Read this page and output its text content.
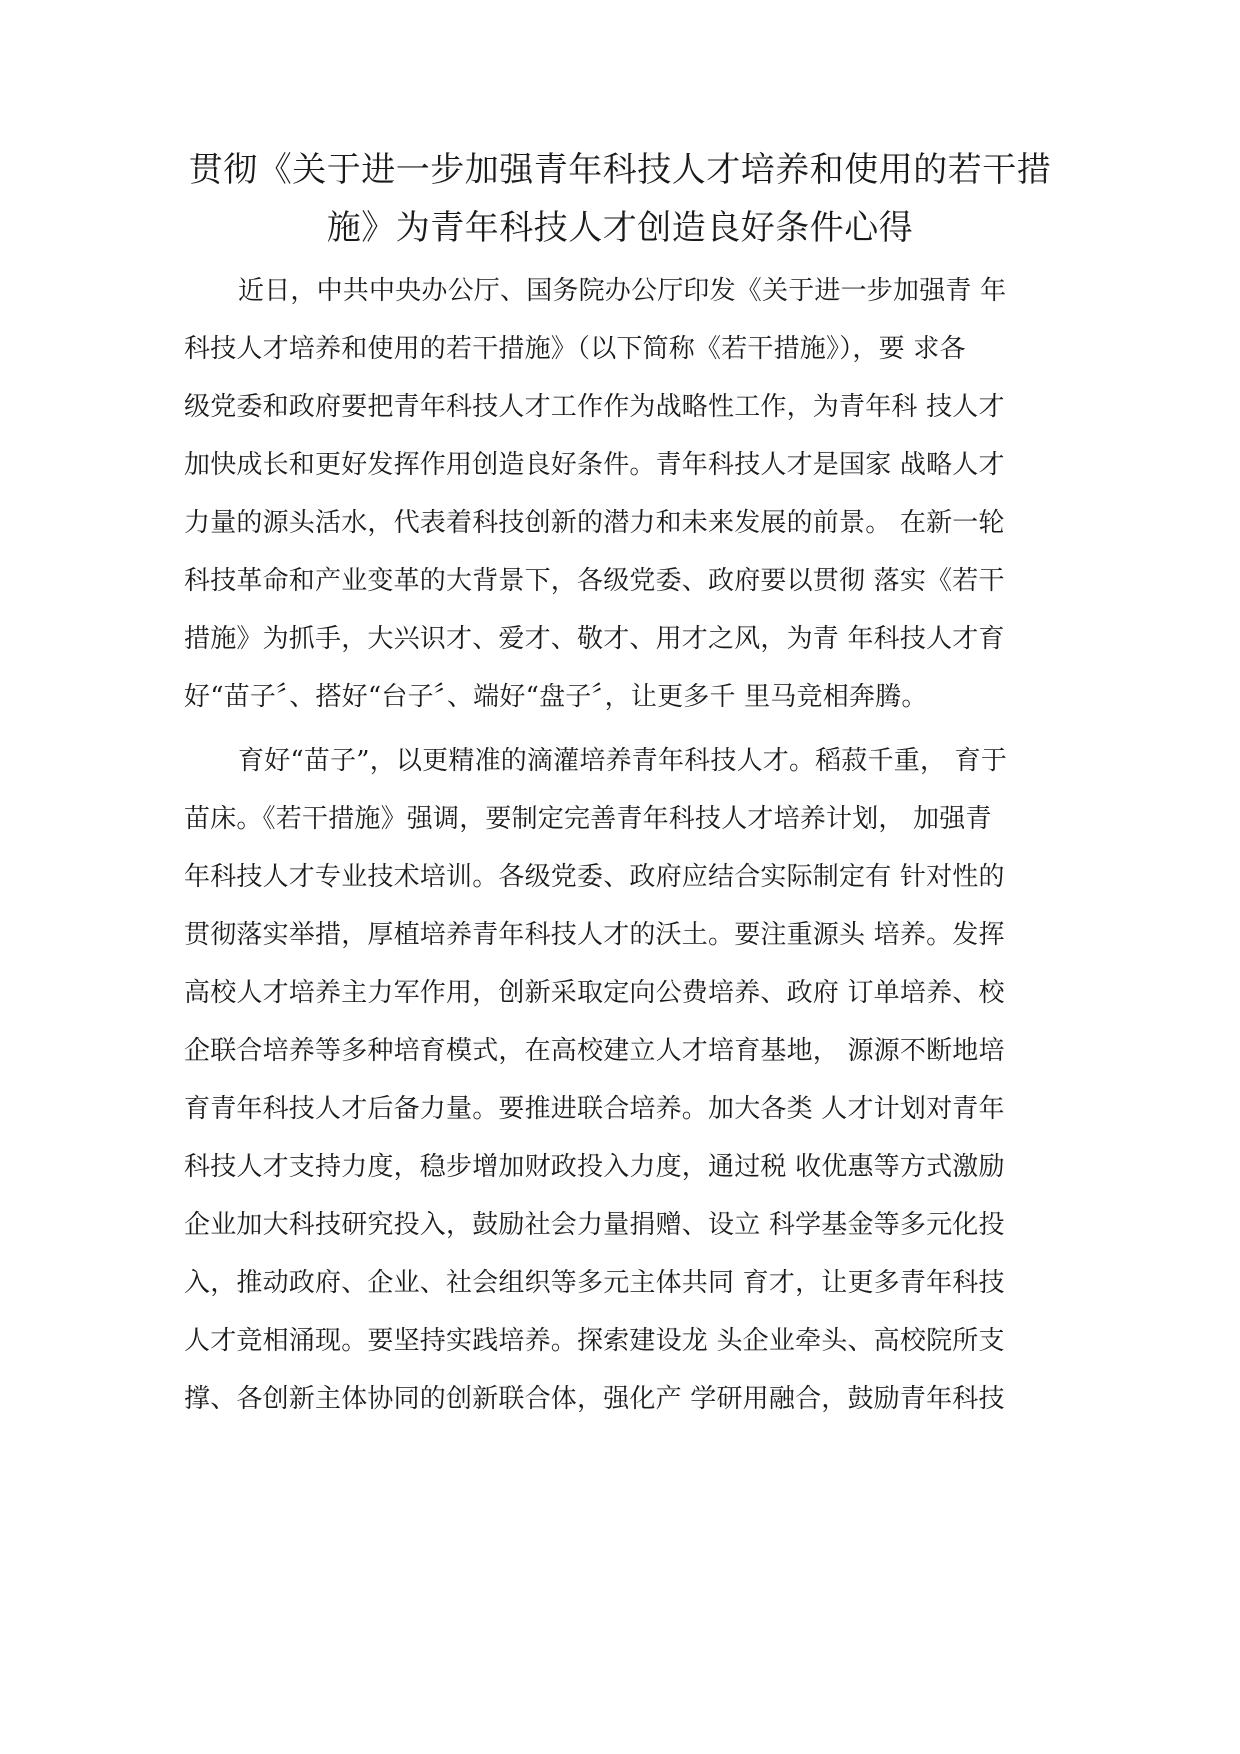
贯彻《关于进一步加强青年科技人才培养和使用的若干措
施》为青年科技人才创造良好条件心得
近日，中共中央办公厅、国务院办公厅印发《关于进一步加强青 年
科技人才培养和使用的若干措施》（以下简称《若干措施》），要 求各
级党委和政府要把青年科技人才工作作为战略性工作，为青年科 技人才
加快成长和更好发挥作用创造良好条件。青年科技人才是国家 战略人才
力量的源头活水，代表着科技创新的潜力和未来发展的前景。 在新一轮
科技革命和产业变革的大背景下，各级党委、政府要以贯彻 落实《若干
措施》为抓手，大兴识才、爱才、敬才、用才之风，为青 年科技人才育
好“苗子〞、搭好“台子〞、端好“盘子〞，让更多千 里马竞相奔腾。
育好“苗子”，以更精准的滴灌培养青年科技人才。稻菽千重， 育于
苗床。《若干措施》强调，要制定完善青年科技人才培养计划， 加强青
年科技人才专业技术培训。各级党委、政府应结合实际制定有 针对性的
贯彻落实举措，厚植培养青年科技人才的沃土。要注重源头 培养。发挥
高校人才培养主力军作用，创新采取定向公费培养、政府 订单培养、校
企联合培养等多种培育模式，在高校建立人才培育基地， 源源不断地培
育青年科技人才后备力量。要推进联合培养。加大各类 人才计划对青年
科技人才支持力度，稳步增加财政投入力度，通过税 收优惠等方式激励
企业加大科技研究投入，鼓励社会力量捐赠、设立 科学基金等多元化投
入，推动政府、企业、社会组织等多元主体共同 育才，让更多青年科技
人才竞相涌现。要坚持实践培养。探索建设龙 头企业牵头、高校院所支
撑、各创新主体协同的创新联合体，强化产 学研用融合，鼓励青年科技
